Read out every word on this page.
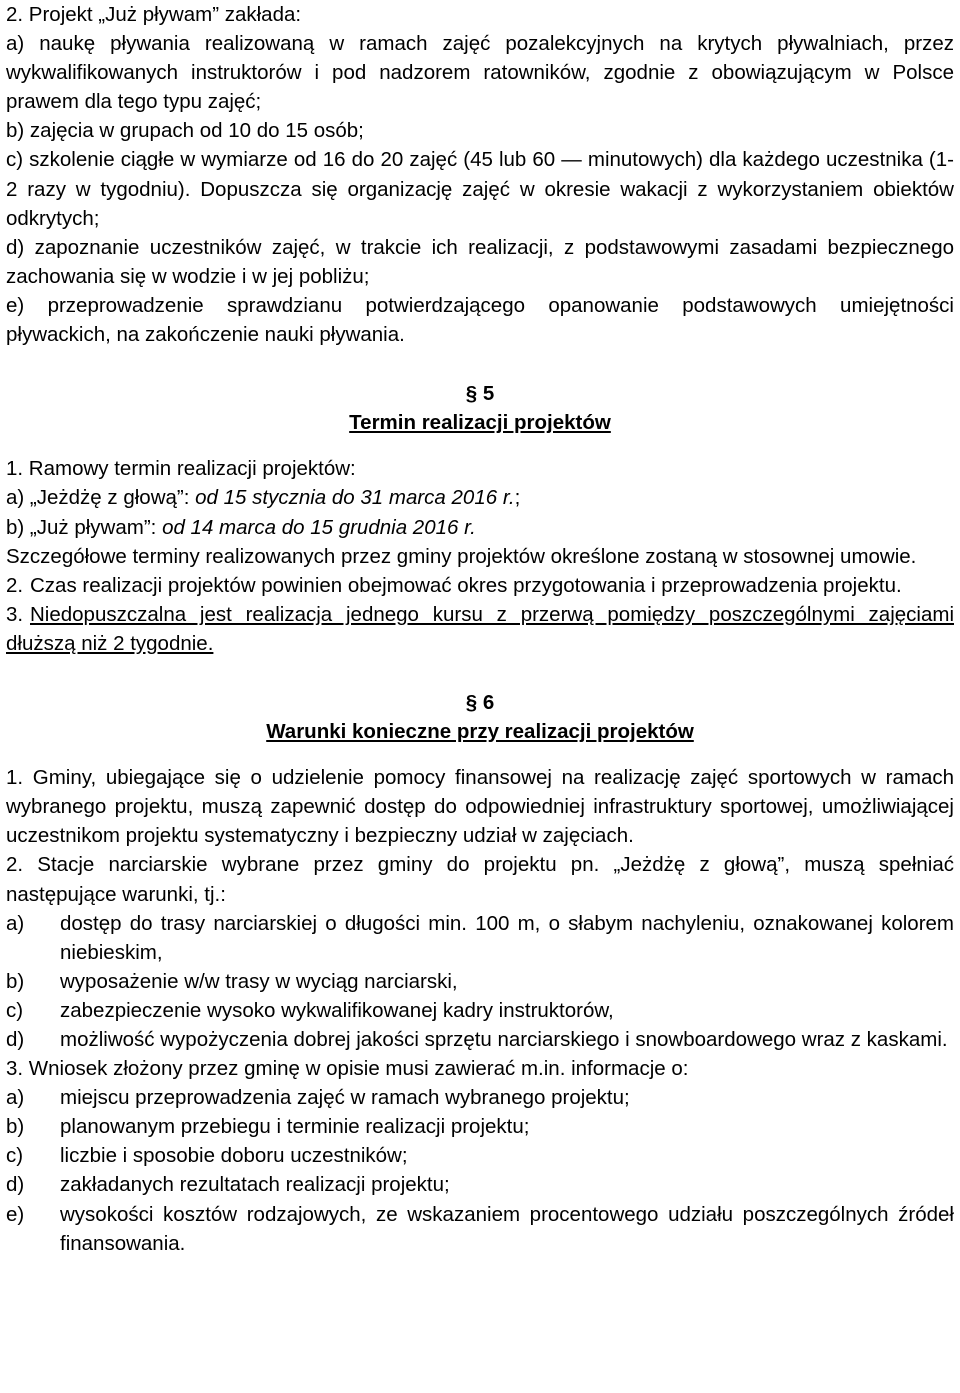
2. Projekt „Już pływam” zakłada:

a) naukę pływania realizowaną w ramach zajęć pozalekcyjnych na krytych pływalniach, przez wykwalifikowanych instruktorów i pod nadzorem ratowników, zgodnie z obowiązującym w Polsce prawem dla tego typu zajęć;

b) zajęcia w grupach od 10 do 15 osób;

c) szkolenie ciągłe w wymiarze od 16 do 20 zajęć (45 lub 60 — minutowych) dla każdego uczestnika (1-2 razy w tygodniu). Dopuszcza się organizację zajęć w okresie wakacji z wykorzystaniem obiektów odkrytych;

d) zapoznanie uczestników zajęć, w trakcie ich realizacji, z podstawowymi zasadami bezpiecznego zachowania się w wodzie i w jej pobliżu;

e) przeprowadzenie sprawdzianu potwierdzającego opanowanie podstawowych umiejętności pływackich, na zakończenie nauki pływania.

§ 5

Termin realizacji projektów

1. Ramowy termin realizacji projektów:

a) „Jeżdżę z głową”: od 15 stycznia do 31 marca 2016 r.;

b) „Już pływam”: od 14 marca do 15 grudnia 2016 r.

Szczegółowe terminy realizowanych przez gminy projektów określone zostaną w stosownej umowie.

2. Czas realizacji projektów powinien obejmować okres przygotowania i przeprowadzenia projektu.

3. Niedopuszczalna jest realizacja jednego kursu z przerwą pomiędzy poszczególnymi zajęciami dłuższą niż 2 tygodnie.

§ 6

Warunki konieczne przy realizacji projektów

1. Gminy, ubiegające się o udzielenie pomocy finansowej na realizację zajęć sportowych w ramach wybranego projektu, muszą zapewnić dostęp do odpowiedniej infrastruktury sportowej, umożliwiającej uczestnikom projektu systematyczny i bezpieczny udział w zajęciach.

2. Stacje narciarskie wybrane przez gminy do projektu pn. „Jeżdżę z głową”, muszą spełniać następujące warunki, tj.:

a) dostęp do trasy narciarskiej o długości min. 100 m, o słabym nachyleniu, oznakowanej kolorem niebieskim,

b) wyposażenie w/w trasy w wyciąg narciarski,

c) zabezpieczenie wysoko wykwalifikowanej kadry instruktorów,

d) możliwość wypożyczenia dobrej jakości sprzętu narciarskiego i snowboardowego wraz z kaskami.

3. Wniosek złożony przez gminę w opisie musi zawierać m.in. informacje o:

a) miejscu przeprowadzenia zajęć w ramach wybranego projektu;

b) planowanym przebiegu i terminie realizacji projektu;

c) liczbie i sposobie doboru uczestników;

d) zakładanych rezultatach realizacji projektu;

e) wysokości kosztów rodzajowych, ze wskazaniem procentowego udziału poszczególnych źródeł finansowania.
